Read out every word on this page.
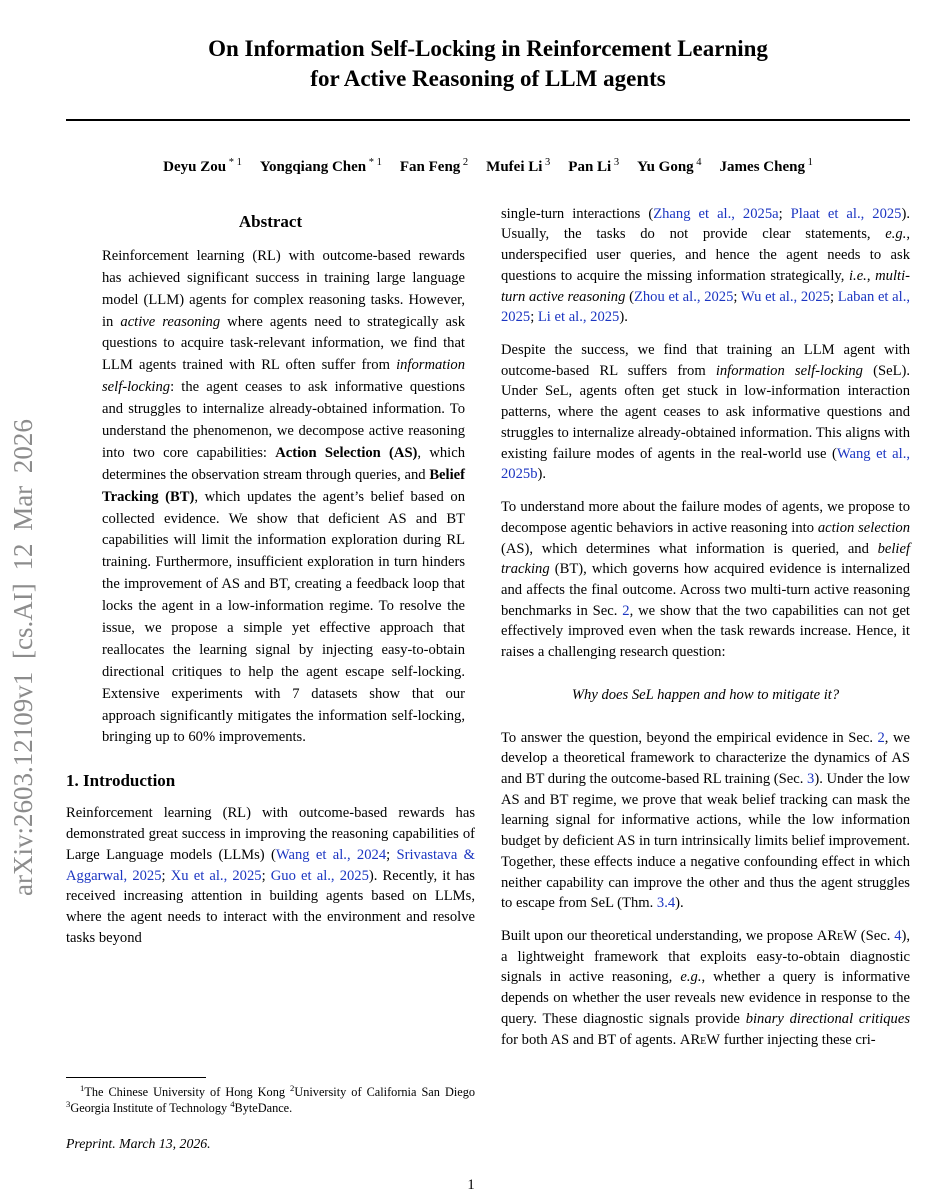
arXiv:2603.12109v1 [cs.AI] 12 Mar 2026
On Information Self-Locking in Reinforcement Learning
for Active Reasoning of LLM agents
Deyu Zou $^{* 1}$ Yongqiang Chen $^{* 1}$ Fan Feng $^2$ Mufei Li $^3$ Pan Li $^3$ Yu Gong $^4$ James Cheng $^1$
Abstract

Reinforcement learning (RL) with outcome-based rewards has achieved significant success in training large language model (LLM) agents for complex reasoning tasks. However, in active reasoning where agents need to strategically ask questions to acquire task-relevant information, we find that LLM agents trained with RL often suffer from information self-locking: the agent ceases to ask informative questions and struggles to internalize already-obtained information. To understand the phenomenon, we decompose active reasoning into two core capabilities: Action Selection (AS), which determines the observation stream through queries, and Belief Tracking (BT), which updates the agent’s belief based on collected evidence. We show that deficient AS and BT capabilities will limit the information exploration during RL training. Furthermore, insufficient exploration in turn hinders the improvement of AS and BT, creating a feedback loop that locks the agent in a low-information regime. To resolve the issue, we propose a simple yet effective approach that reallocates the learning signal by injecting easy-to-obtain directional critiques to help the agent escape self-locking. Extensive experiments with 7 datasets show that our approach significantly mitigates the information self-locking, bringing up to 60% improvements.

1. Introduction

Reinforcement learning (RL) with outcome-based rewards has demonstrated great success in improving the reasoning capabilities of Large Language models (LLMs) (Wang et al., 2024; Srivastava & Aggarwal, 2025; Xu et al., 2025; Guo et al., 2025). Recently, it has received increasing attention in building agents based on LLMs, where the agent needs to interact with the environment and resolve tasks beyond

$^1$The Chinese University of Hong Kong $^2$University of California San Diego $^3$Georgia Institute of Technology $^4$ByteDance.

Preprint. March 13, 2026.

single-turn interactions (Zhang et al., 2025a; Plaat et al., 2025). Usually, the tasks do not provide clear statements, e.g., underspecified user queries, and hence the agent needs to ask questions to acquire the missing information strategically, i.e., multi-turn active reasoning (Zhou et al., 2025; Wu et al., 2025; Laban et al., 2025; Li et al., 2025).

Despite the success, we find that training an LLM agent with outcome-based RL suffers from information self-locking (SeL). Under SeL, agents often get stuck in low-information interaction patterns, where the agent ceases to ask informative questions and struggles to internalize already-obtained information. This aligns with existing failure modes of agents in the real-world use (Wang et al., 2025b).

To understand more about the failure modes of agents, we propose to decompose agentic behaviors in active reasoning into action selection (AS), which determines what information is queried, and belief tracking (BT), which governs how acquired evidence is internalized and affects the final outcome. Across two multi-turn active reasoning benchmarks in Sec. 2, we show that the two capabilities can not get effectively improved even when the task rewards increase. Hence, it raises a challenging research question:

Why does SeL happen and how to mitigate it?

To answer the question, beyond the empirical evidence in Sec. 2, we develop a theoretical framework to characterize the dynamics of AS and BT during the outcome-based RL training (Sec. 3). Under the low AS and BT regime, we prove that weak belief tracking can mask the learning signal for informative actions, while the low information budget by deficient AS in turn intrinsically limits belief improvement. Together, these effects induce a negative confounding effect in which neither capability can improve the other and thus the agent struggles to escape from SeL (Thm. 3.4).

Built upon our theoretical understanding, we propose AReW (Sec. 4), a lightweight framework that exploits easy-to-obtain diagnostic signals in active reasoning, e.g., whether a query is informative depends on whether the user reveals new evidence in response to the query. These diagnostic signals provide binary directional critiques for both AS and BT of agents. AReW further injecting these cri-

1
